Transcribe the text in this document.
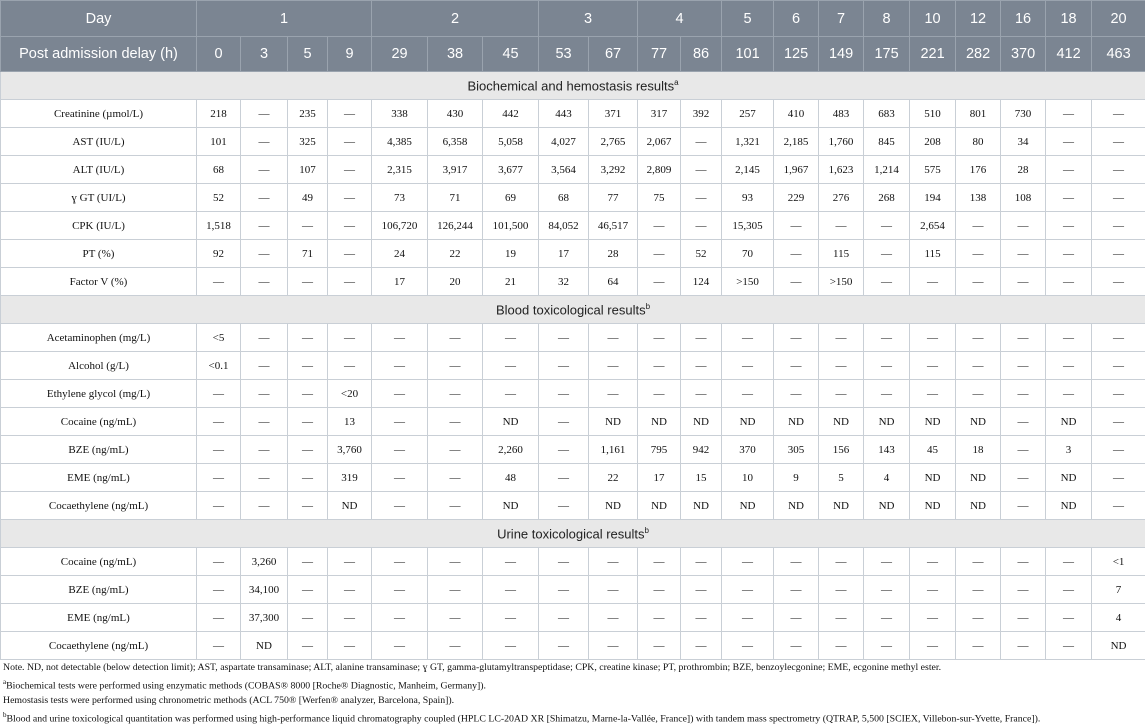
Day	1				2			3		4		5	6	7	8	10	12	16	18	20
Post admission delay (h)	0	3	5	9	29	38	45	53	67	77	86	101	125	149	175	221	282	370	412	463
Biochemical and hemostasis results$^a$
Creatinine (µmol/L)	218	—	235	—	338	430	442	443	371	317	392	257	410	483	683	510	801	730	—	—
AST (IU/L)	101	—	325	—	4,385	6,358	5,058	4,027	2,765	2,067	—	1,321	2,185	1,760	845	208	80	34	—	—
ALT (IU/L)	68	—	107	—	2,315	3,917	3,677	3,564	3,292	2,809	—	2,145	1,967	1,623	1,214	575	176	28	—	—
ɣ GT (UI/L)	52	—	49	—	73	71	69	68	77	75	—	93	229	276	268	194	138	108	—	—
CPK (IU/L)	1,518	—	—	—	106,720	126,244	101,500	84,052	46,517	—	—	15,305	—	—	—	2,654	—	—	—	—
PT (%)	92	—	71	—	24	22	19	17	28	—	52	70	—	115	—	115	—	—	—	—
Factor V (%)	—	—	—	—	17	20	21	32	64	—	124	>150	—	>150	—	—	—	—	—	—
Blood toxicological results$^b$
Acetaminophen (mg/L)	<5	—	—	—	—	—	—	—	—	—	—	—	—	—	—	—	—	—	—	—
Alcohol (g/L)	<0.1	—	—	—	—	—	—	—	—	—	—	—	—	—	—	—	—	—	—	—
Ethylene glycol (mg/L)	—	—	—	<20	—	—	—	—	—	—	—	—	—	—	—	—	—	—	—	—
Cocaine (ng/mL)	—	—	—	13	—	—	ND	—	ND	ND	ND	ND	ND	ND	ND	ND	ND	—	ND	—
BZE (ng/mL)	—	—	—	3,760	—	—	2,260	—	1,161	795	942	370	305	156	143	45	18	—	3	—
EME (ng/mL)	—	—	—	319	—	—	48	—	22	17	15	10	9	5	4	ND	ND	—	ND	—
Cocaethylene (ng/mL)	—	—	—	ND	—	—	ND	—	ND	ND	ND	ND	ND	ND	ND	ND	ND	—	ND	—
Urine toxicological results$^b$
Cocaine (ng/mL)	—	3,260	—	—	—	—	—	—	—	—	—	—	—	—	—	—	—	—	—	<1
BZE (ng/mL)	—	34,100	—	—	—	—	—	—	—	—	—	—	—	—	—	—	—	—	—	7
EME (ng/mL)	—	37,300	—	—	—	—	—	—	—	—	—	—	—	—	—	—	—	—	—	4
Cocaethylene (ng/mL)	—	ND	—	—	—	—	—	—	—	—	—	—	—	—	—	—	—	—	—	ND
Note. ND, not detectable (below detection limit); AST, aspartate transaminase; ALT, alanine transaminase; ɣ GT, gamma-glutamyltranspeptidase; CPK, creatine kinase; PT, prothrombin; BZE, benzoylecgonine; EME, ecgonine methyl ester.
$^a$Biochemical tests were performed using enzymatic methods (COBAS® 8000 [Roche® Diagnostic, Manheim, Germany]).
Hemostasis tests were performed using chronometric methods (ACL 750® [Werfen® analyzer, Barcelona, Spain]).
$^b$Blood and urine toxicological quantitation was performed using high-performance liquid chromatography coupled (HPLC LC-20AD XR [Shimatzu, Marne-la-Vallée, France]) with tandem mass spectrometry (QTRAP, 5,500 [SCIEX, Villebon-sur-Yvette, France]).
